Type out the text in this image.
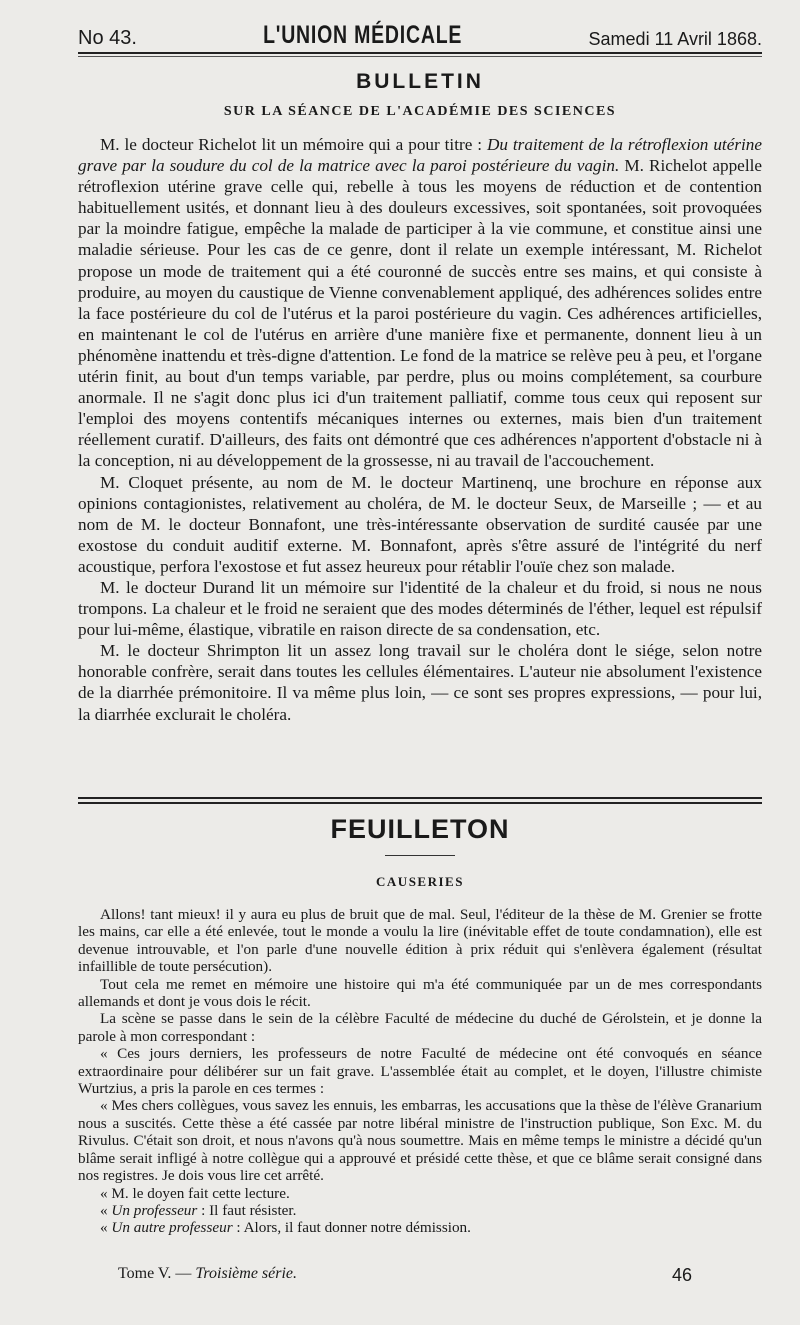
No 43.	L'UNION MÉDICALE	Samedi 11 Avril 1868.
BULLETIN
SUR LA SÉANCE DE L'ACADÉMIE DES SCIENCES

M. le docteur Richelot lit un mémoire qui a pour titre : Du traitement de la rétroflexion utérine grave par la soudure du col de la matrice avec la paroi postérieure du vagin. M. Richelot appelle rétroflexion utérine grave celle qui, rebelle à tous les moyens de réduction et de contention habituellement usités, et donnant lieu à des douleurs excessives, soit spontanées, soit provoquées par la moindre fatigue, empêche la malade de participer à la vie commune, et constitue ainsi une maladie sérieuse. Pour les cas de ce genre, dont il relate un exemple intéressant, M. Richelot propose un mode de traitement qui a été couronné de succès entre ses mains, et qui consiste à produire, au moyen du caustique de Vienne convenablement appliqué, des adhérences solides entre la face postérieure du col de l'utérus et la paroi postérieure du vagin. Ces adhérences artificielles, en maintenant le col de l'utérus en arrière d'une manière fixe et permanente, donnent lieu à un phénomène inattendu et très-digne d'attention. Le fond de la matrice se relève peu à peu, et l'organe utérin finit, au bout d'un temps variable, par perdre, plus ou moins complétement, sa courbure anormale. Il ne s'agit donc plus ici d'un traitement palliatif, comme tous ceux qui reposent sur l'emploi des moyens contentifs mécaniques internes ou externes, mais bien d'un traitement réellement curatif. D'ailleurs, des faits ont démontré que ces adhérences n'apportent d'obstacle ni à la conception, ni au développement de la grossesse, ni au travail de l'accouchement.

M. Cloquet présente, au nom de M. le docteur Martinenq, une brochure en réponse aux opinions contagionistes, relativement au choléra, de M. le docteur Seux, de Marseille ; — et au nom de M. le docteur Bonnafont, une très-intéressante observation de surdité causée par une exostose du conduit auditif externe. M. Bonnafont, après s'être assuré de l'intégrité du nerf acoustique, perfora l'exostose et fut assez heureux pour rétablir l'ouïe chez son malade.

M. le docteur Durand lit un mémoire sur l'identité de la chaleur et du froid, si nous ne nous trompons. La chaleur et le froid ne seraient que des modes déterminés de l'éther, lequel est répulsif pour lui-même, élastique, vibratile en raison directe de sa condensation, etc.

M. le docteur Shrimpton lit un assez long travail sur le choléra dont le siége, selon notre honorable confrère, serait dans toutes les cellules élémentaires. L'auteur nie absolument l'existence de la diarrhée prémonitoire. Il va même plus loin, — ce sont ses propres expressions, — pour lui, la diarrhée exclurait le choléra.

FEUILLETON
CAUSERIES

Allons! tant mieux! il y aura eu plus de bruit que de mal. Seul, l'éditeur de la thèse de M. Grenier se frotte les mains, car elle a été enlevée, tout le monde a voulu la lire (inévitable effet de toute condamnation), elle est devenue introuvable, et l'on parle d'une nouvelle édition à prix réduit qui s'enlèvera également (résultat infaillible de toute persécution).

Tout cela me remet en mémoire une histoire qui m'a été communiquée par un de mes correspondants allemands et dont je vous dois le récit.

La scène se passe dans le sein de la célèbre Faculté de médecine du duché de Gérolstein, et je donne la parole à mon correspondant :

« Ces jours derniers, les professeurs de notre Faculté de médecine ont été convoqués en séance extraordinaire pour délibérer sur un fait grave. L'assemblée était au complet, et le doyen, l'illustre chimiste Wurtzius, a pris la parole en ces termes :

« Mes chers collègues, vous savez les ennuis, les embarras, les accusations que la thèse de l'élève Granarium nous a suscités. Cette thèse a été cassée par notre libéral ministre de l'instruction publique, Son Exc. M. du Rivulus. C'était son droit, et nous n'avons qu'à nous soumettre. Mais en même temps le ministre a décidé qu'un blâme serait infligé à notre collègue qui a approuvé et présidé cette thèse, et que ce blâme serait consigné dans nos registres. Je dois vous lire cet arrêté.

« M. le doyen fait cette lecture.

« Un professeur : Il faut résister.

« Un autre professeur : Alors, il faut donner notre démission.

Tome V. — Troisième série.	46
